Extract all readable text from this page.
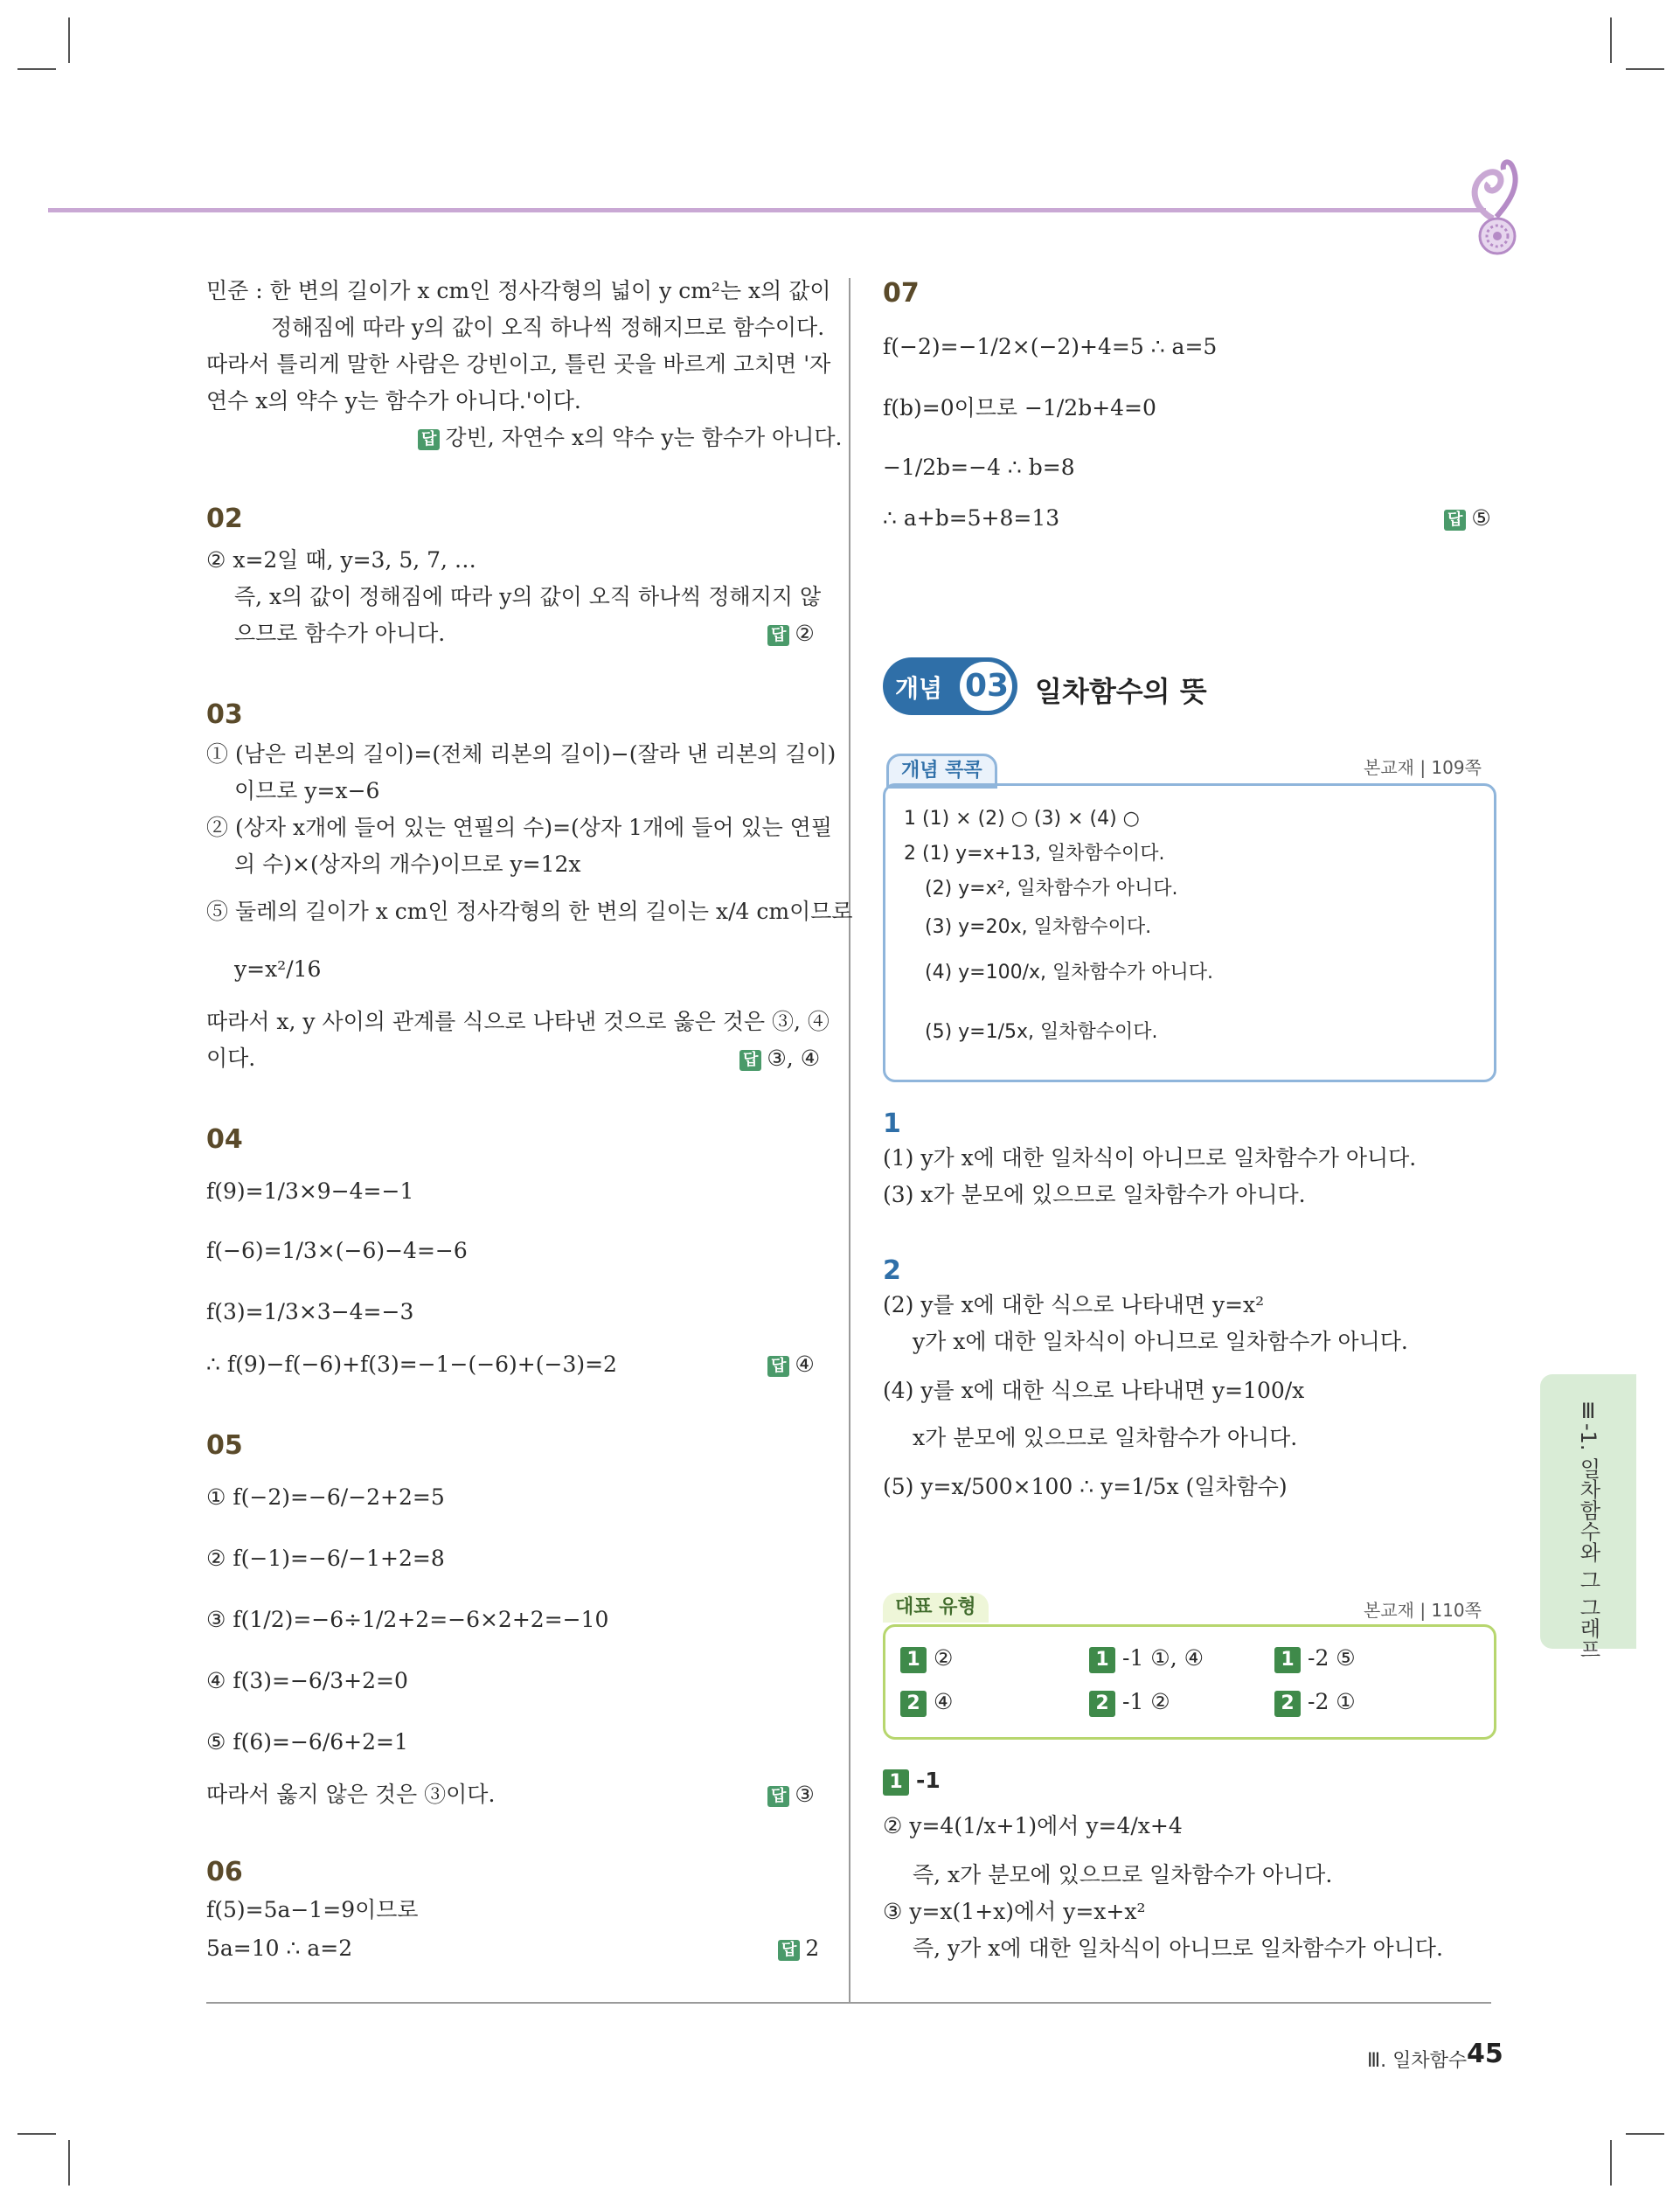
민준 : 한 변의 길이가 x cm인 정사각형의 넓이 y cm²는 x의 값이
정해짐에 따라 y의 값이 오직 하나씩 정해지므로 함수이다.
따라서 틀리게 말한 사람은 강빈이고, 틀린 곳을 바르게 고치면 '자
연수 x의 약수 y는 함수가 아니다.'이다.
답 강빈, 자연수 x의 약수 y는 함수가 아니다.
02
② x=2일 때, y=3, 5, 7, …
즉, x의 값이 정해짐에 따라 y의 값이 오직 하나씩 정해지지 않
으므로 함수가 아니다.	답 ②
03
① (남은 리본의 길이)=(전체 리본의 길이)−(잘라 낸 리본의 길이)
이므로 y=x−6
② (상자 x개에 들어 있는 연필의 수)=(상자 1개에 들어 있는 연필
의 수)×(상자의 개수)이므로 y=12x
⑤ 둘레의 길이가 x cm인 정사각형의 한 변의 길이는 x/4 cm이므로
y=x²/16
따라서 x, y 사이의 관계를 식으로 나타낸 것으로 옳은 것은 ③, ④
이다.	답 ③, ④
04
f(9)=1/3×9−4=−1
f(−6)=1/3×(−6)−4=−6
f(3)=1/3×3−4=−3
∴ f(9)−f(−6)+f(3)=−1−(−6)+(−3)=2	답 ④
05
① f(−2)=−6/−2+2=5
② f(−1)=−6/−1+2=8
③ f(1/2)=−6÷1/2+2=−6×2+2=−10
④ f(3)=−6/3+2=0
⑤ f(6)=−6/6+2=1
따라서 옳지 않은 것은 ③이다.	답 ③
06
f(5)=5a−1=9이므로
5a=10 ∴ a=2	답 2
07
f(−2)=−1/2×(−2)+4=5 ∴ a=5
f(b)=0이므로 −1/2b+4=0
−1/2b=−4 ∴ b=8
∴ a+b=5+8=13	답 ⑤
개념 03 일차함수의 뜻
본교재 | 109쪽
개념 콕콕
1 (1) × (2) ○ (3) × (4) ○
2 (1) y=x+13, 일차함수이다.
(2) y=x², 일차함수가 아니다.
(3) y=20x, 일차함수이다.
(4) y=100/x, 일차함수가 아니다.
(5) y=1/5x, 일차함수이다.
1
(1) y가 x에 대한 일차식이 아니므로 일차함수가 아니다.
(3) x가 분모에 있으므로 일차함수가 아니다.
2
(2) y를 x에 대한 식으로 나타내면 y=x²
y가 x에 대한 일차식이 아니므로 일차함수가 아니다.
(4) y를 x에 대한 식으로 나타내면 y=100/x
x가 분모에 있으므로 일차함수가 아니다.
(5) y=x/500×100 ∴ y=1/5x (일차함수)
본교재 | 110쪽
대표 유형
1 ②	1 -1 ①, ④	1 -2 ⑤
2 ④	2 -1 ②	2 -2 ①
1 -1
② y=4(1/x+1)에서 y=4/x+4
즉, x가 분모에 있으므로 일차함수가 아니다.
③ y=x(1+x)에서 y=x+x²
즉, y가 x에 대한 일차식이 아니므로 일차함수가 아니다.
Ⅲ-1. 일차함수와 그 그래프
Ⅲ. 일차함수 45
